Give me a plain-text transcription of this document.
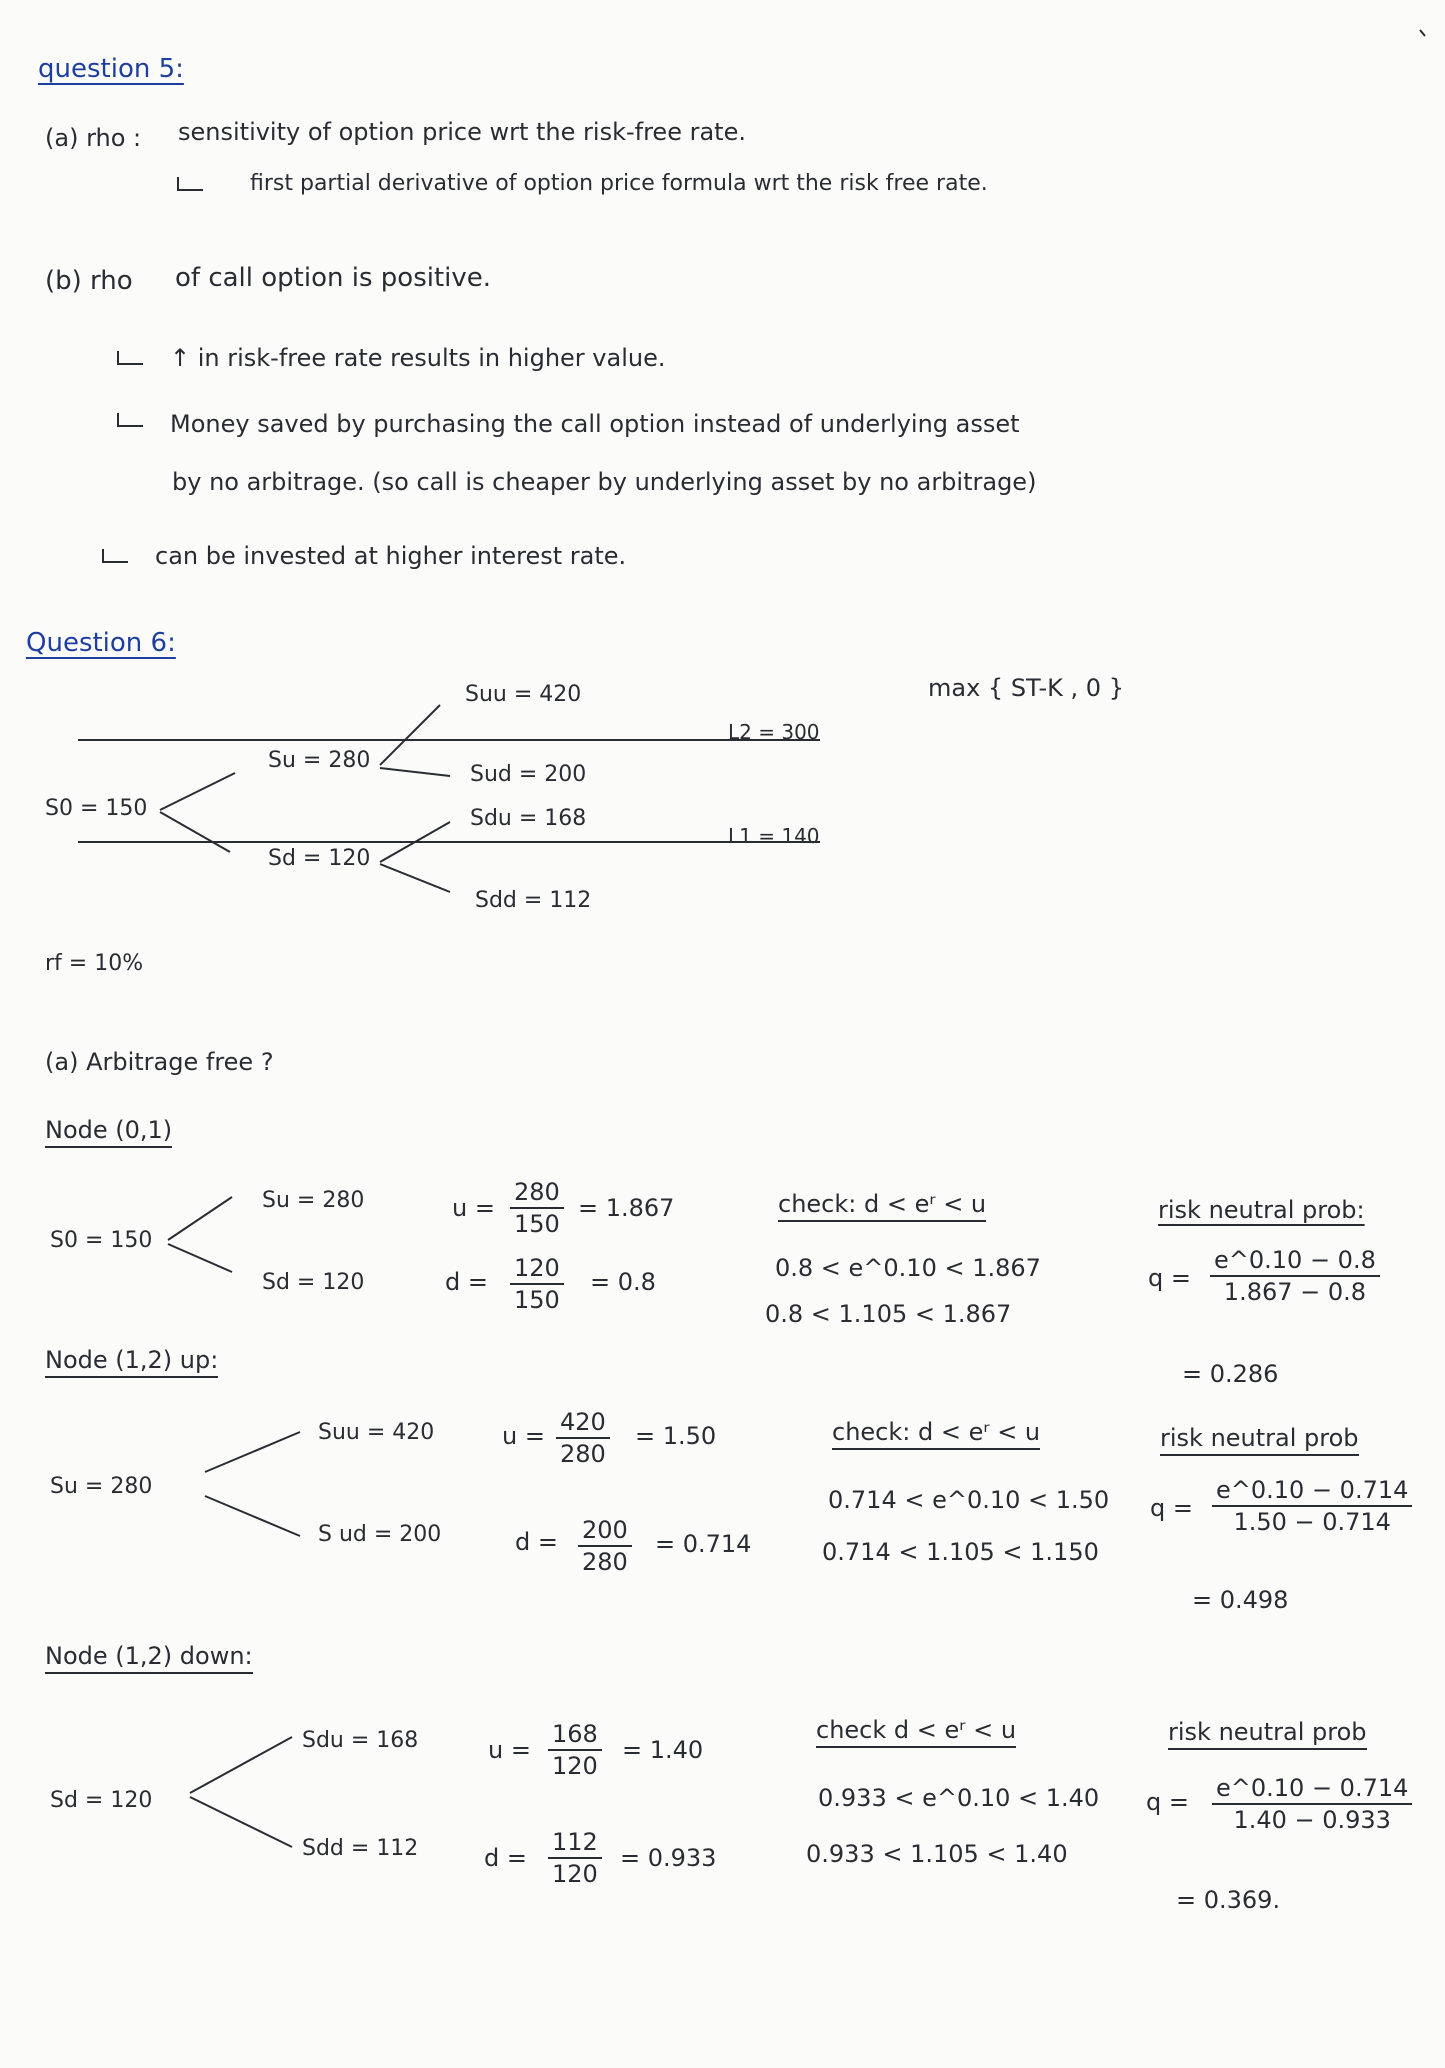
question 5:
(a) rho : sensitivity of option price wrt the risk-free rate.
first partial derivative of option price formula wrt the risk free rate.
(b) rho of call option is positive.
↑ in risk-free rate results in higher value.
Money saved by purchasing the call option instead of underlying asset
by no arbitrage. (so call is cheaper by underlying asset by no arbitrage)
can be invested at higher interest rate.
Question 6:
max { ST-K , 0 }
S0 = 150
Su = 280
Sd = 120
Suu = 420
Sud = 200
Sdu = 168
Sdd = 112
L2 = 300
L1 = 140
rf = 10%
(a) Arbitrage free ?
Node (0,1)
S0 = 150
Su = 280
Sd = 120
$u = \frac{280}{150} = 1.867$
$d = \frac{120}{150} = 0.8$
check: d < eʳ < u
0.8 < e^0.10 < 1.867
0.8 < 1.105 < 1.867
risk neutral prob:
$q = \frac{e\^{}0.10 - 0.8}{1.867 - 0.8}$
= 0.286
Node (1,2) up:
Su = 280
Suu = 420
S ud = 200
$u = \frac{420}{280} = 1.50$
$d = \frac{200}{280} = 0.714$
check: d < eʳ < u
0.714 < e^0.10 < 1.50
0.714 < 1.105 < 1.150
risk neutral prob
$q = \frac{e\^{}0.10 - 0.714}{1.50 - 0.714}$
= 0.498
Node (1,2) down:
Sd = 120
Sdu = 168
Sdd = 112
$u = \frac{168}{120} = 1.40$
$d = \frac{112}{120} = 0.933$
check d < eʳ < u
0.933 < e^0.10 < 1.40
0.933 < 1.105 < 1.40
risk neutral prob
$q = \frac{e\^{}0.10 - 0.714}{1.40 - 0.933}$
= 0.369.
